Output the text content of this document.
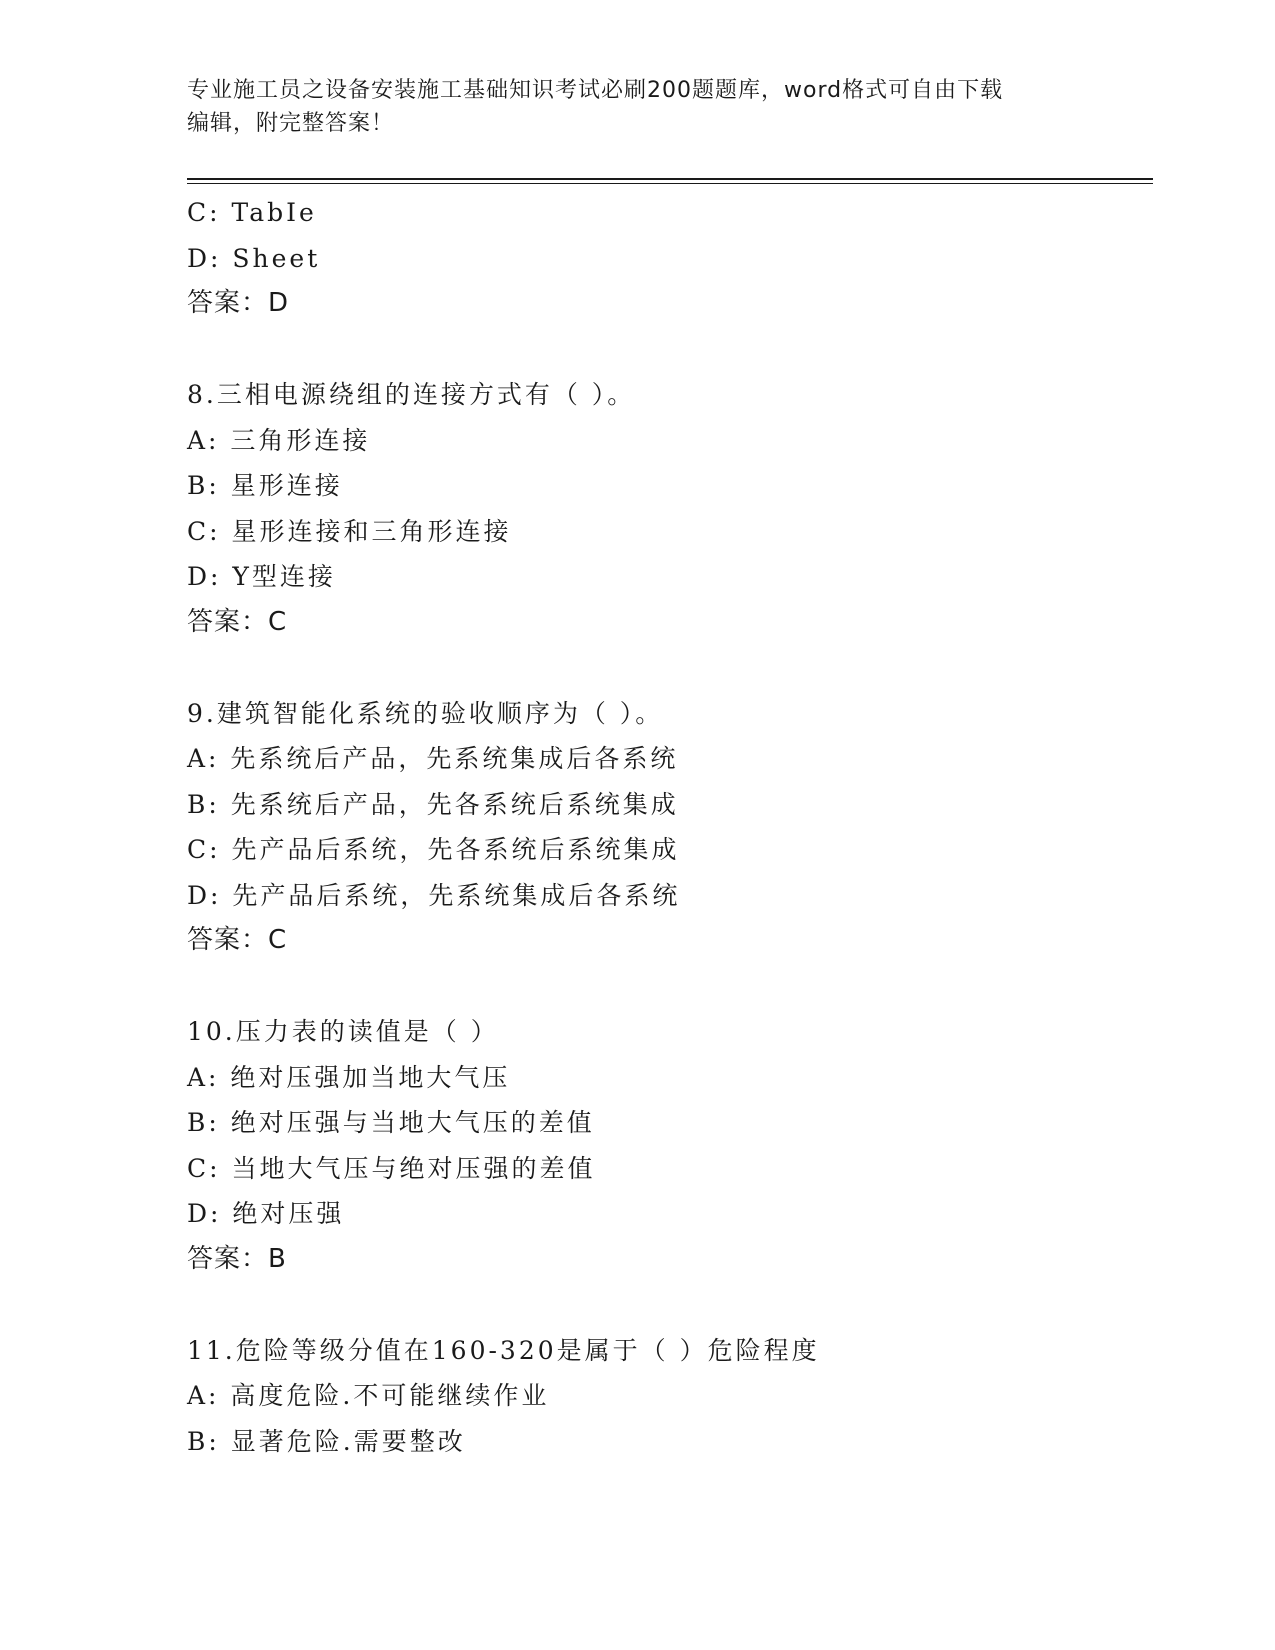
专业施工员之设备安装施工基础知识考试必刷200题题库，word格式可自由下载
编辑，附完整答案！
C: TabIe
D: Sheet
答案：D
8.三相电源绕组的连接方式有（ ）。
A: 三角形连接
B: 星形连接
C: 星形连接和三角形连接
D: Y型连接
答案：C
9.建筑智能化系统的验收顺序为（ ）。
A: 先系统后产品，先系统集成后各系统
B: 先系统后产品，先各系统后系统集成
C: 先产品后系统，先各系统后系统集成
D: 先产品后系统，先系统集成后各系统
答案：C
10.压力表的读值是（ ）
A: 绝对压强加当地大气压
B: 绝对压强与当地大气压的差值
C: 当地大气压与绝对压强的差值
D: 绝对压强
答案：B
11.危险等级分值在160-320是属于（ ）危险程度
A: 高度危险.不可能继续作业
B: 显著危险.需要整改
